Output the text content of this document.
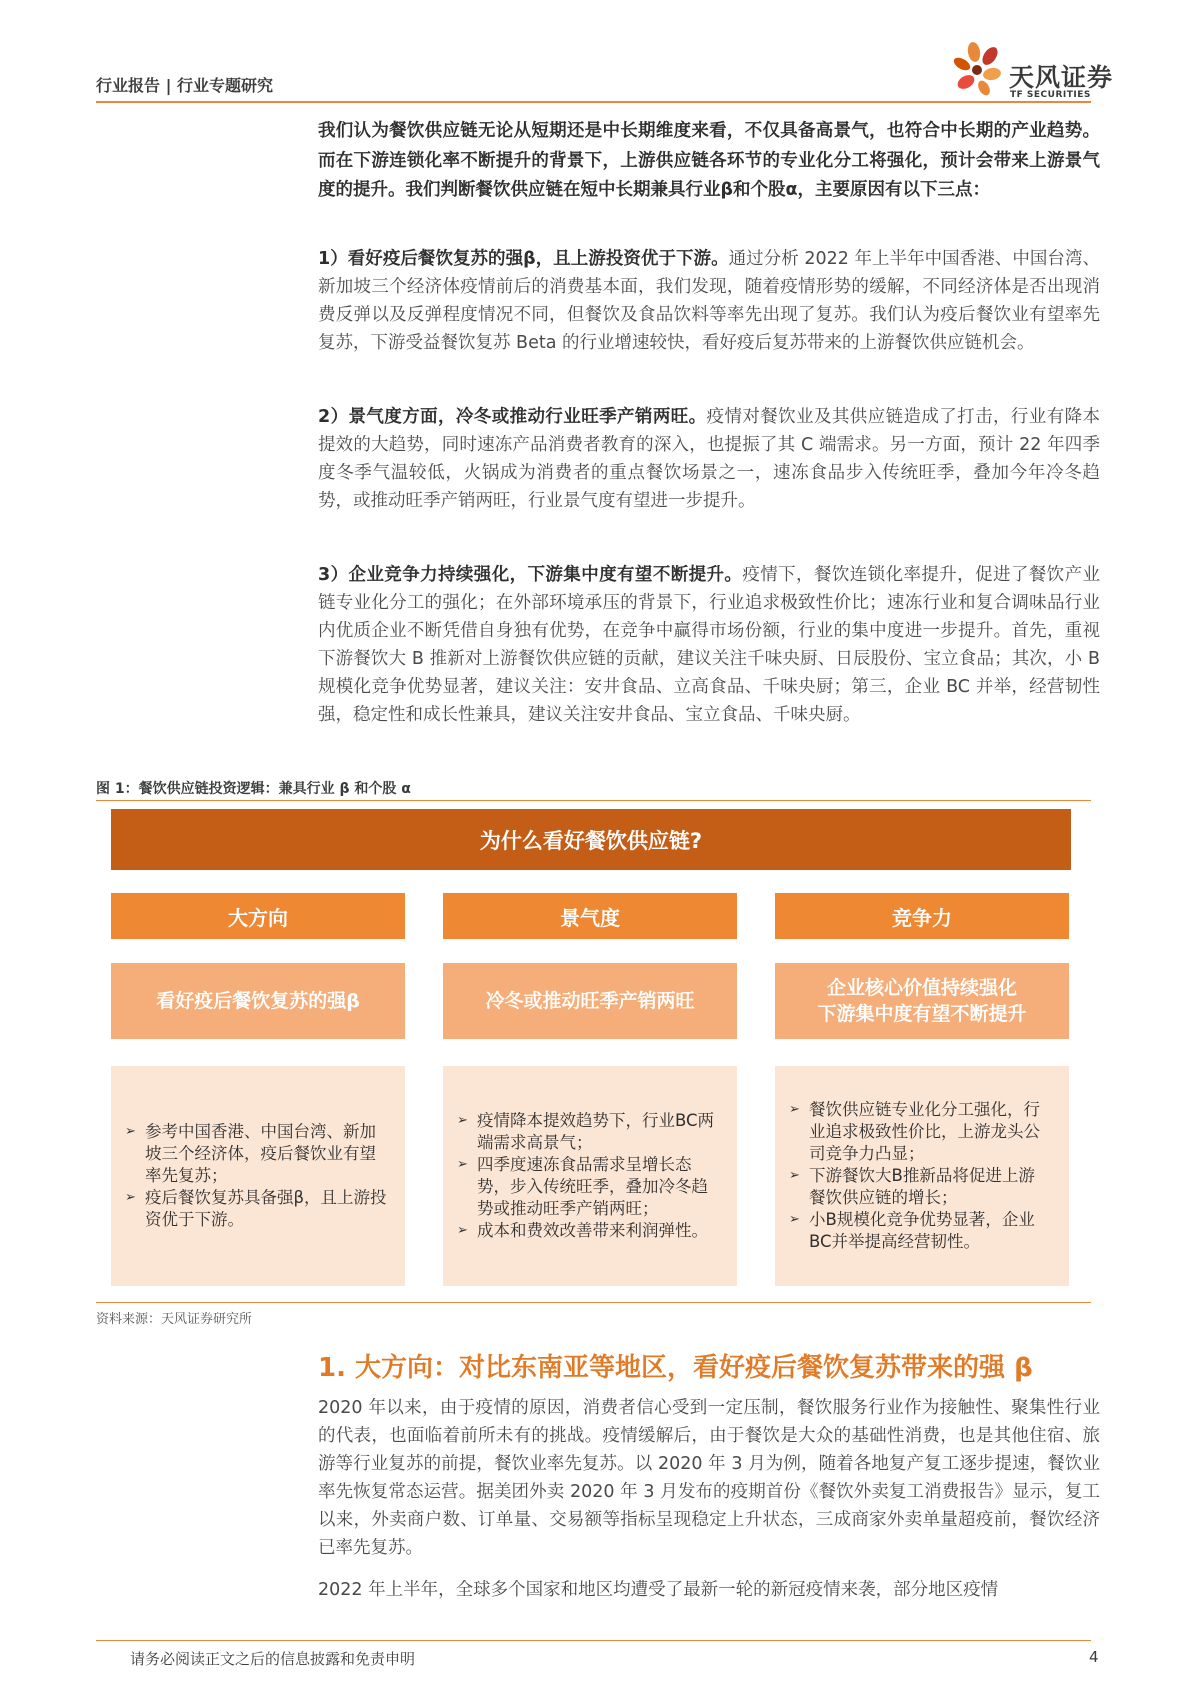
行业报告 | 行业专题研究	天风证券
TF SECURITIES
我们认为餐饮供应链无论从短期还是中长期维度来看，不仅具备高景气，也符合中长期的产业趋势。而在下游连锁化率不断提升的背景下，上游供应链各环节的专业化分工将强化，预计会带来上游景气度的提升。我们判断餐饮供应链在短中长期兼具行业β和个股α，主要原因有以下三点：
1）看好疫后餐饮复苏的强β，且上游投资优于下游。通过分析 2022 年上半年中国香港、中国台湾、新加坡三个经济体疫情前后的消费基本面，我们发现，随着疫情形势的缓解，不同经济体是否出现消费反弹以及反弹程度情况不同，但餐饮及食品饮料等率先出现了复苏。我们认为疫后餐饮业有望率先复苏，下游受益餐饮复苏 Beta 的行业增速较快，看好疫后复苏带来的上游餐饮供应链机会。
2）景气度方面，冷冬或推动行业旺季产销两旺。疫情对餐饮业及其供应链造成了打击，行业有降本提效的大趋势，同时速冻产品消费者教育的深入，也提振了其 C 端需求。另一方面，预计 22 年四季度冬季气温较低，火锅成为消费者的重点餐饮场景之一，速冻食品步入传统旺季，叠加今年冷冬趋势，或推动旺季产销两旺，行业景气度有望进一步提升。
3）企业竞争力持续强化，下游集中度有望不断提升。疫情下，餐饮连锁化率提升，促进了餐饮产业链专业化分工的强化；在外部环境承压的背景下，行业追求极致性价比；速冻行业和复合调味品行业内优质企业不断凭借自身独有优势，在竞争中赢得市场份额，行业的集中度进一步提升。首先，重视下游餐饮大 B 推新对上游餐饮供应链的贡献，建议关注千味央厨、日辰股份、宝立食品；其次，小 B 规模化竞争优势显著，建议关注：安井食品、立高食品、千味央厨；第三，企业 BC 并举，经营韧性强，稳定性和成长性兼具，建议关注安井食品、宝立食品、千味央厨。
图 1：餐饮供应链投资逻辑：兼具行业 β 和个股 α
为什么看好餐饮供应链?
大方向
看好疫后餐饮复苏的强β
➢ 参考中国香港、中国台湾、新加坡三个经济体，疫后餐饮业有望率先复苏；
➢ 疫后餐饮复苏具备强β，且上游投资优于下游。
景气度
冷冬或推动旺季产销两旺
➢ 疫情降本提效趋势下，行业BC两端需求高景气；
➢ 四季度速冻食品需求呈增长态势，步入传统旺季，叠加冷冬趋势或推动旺季产销两旺；
➢ 成本和费效改善带来利润弹性。
竞争力
企业核心价值持续强化
下游集中度有望不断提升
➢ 餐饮供应链专业化分工强化，行业追求极致性价比，上游龙头公司竞争力凸显；
➢ 下游餐饮大B推新品将促进上游餐饮供应链的增长；
➢ 小B规模化竞争优势显著，企业BC并举提高经营韧性。
资料来源：天风证券研究所
1. 大方向：对比东南亚等地区，看好疫后餐饮复苏带来的强 β
2020 年以来，由于疫情的原因，消费者信心受到一定压制，餐饮服务行业作为接触性、聚集性行业的代表，也面临着前所未有的挑战。疫情缓解后，由于餐饮是大众的基础性消费，也是其他住宿、旅游等行业复苏的前提，餐饮业率先复苏。以 2020 年 3 月为例，随着各地复产复工逐步提速，餐饮业率先恢复常态运营。据美团外卖 2020 年 3 月发布的疫期首份《餐饮外卖复工消费报告》显示，复工以来，外卖商户数、订单量、交易额等指标呈现稳定上升状态，三成商家外卖单量超疫前，餐饮经济已率先复苏。
2022 年上半年，全球多个国家和地区均遭受了最新一轮的新冠疫情来袭，部分地区疫情
请务必阅读正文之后的信息披露和免责申明	4
